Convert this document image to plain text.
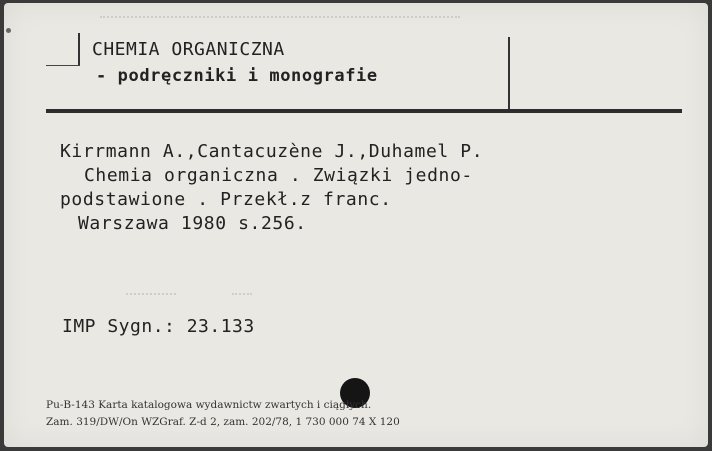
CHEMIA ORGANICZNA
- podręczniki i monografie
Kirrmann A.,Cantacuzène J.,Duhamel P.
Chemia organiczna . Związki jedno-
podstawione . Przekł.z franc.
Warszawa 1980 s.256.
IMP Sygn.: 23.133
Pu-B-143 Karta katalogowa wydawnictw zwartych i ciągłych.
Zam. 319/DW/On WZGraf. Z-d 2, zam. 202/78, 1 730 000 74 X 120
